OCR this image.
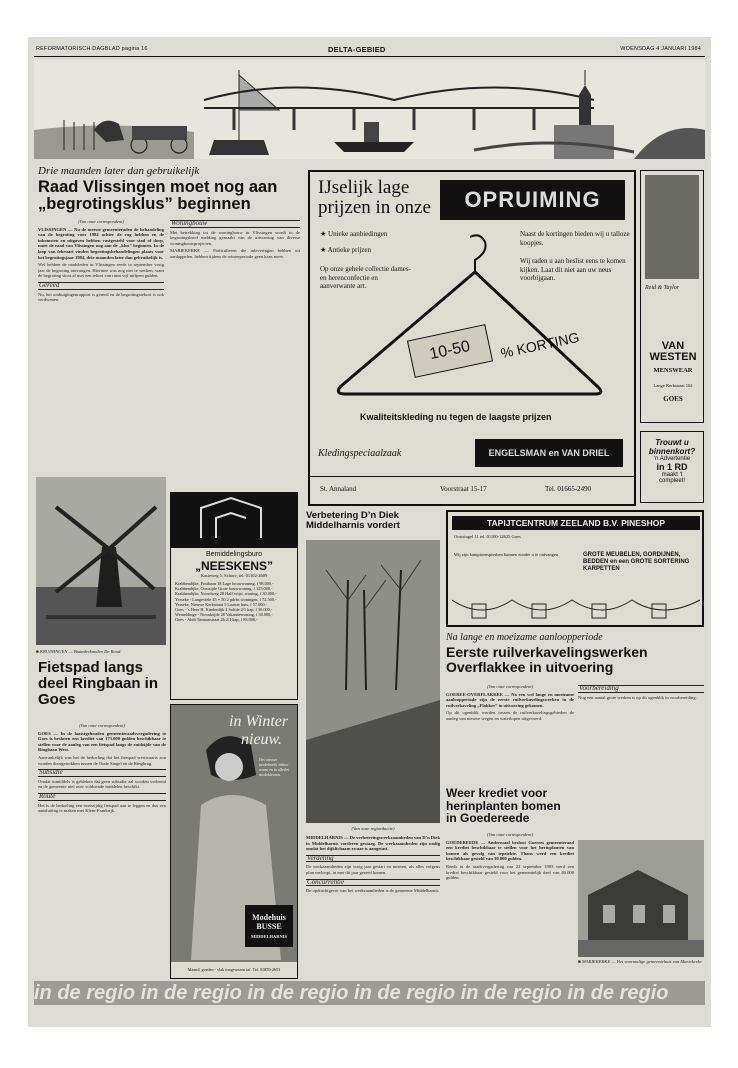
REFORMATORISCH DAGBLAD pagina 16	DELTA-GEBIED	WOENSDAG 4 JANUARI 1984
Drie maanden later dan gebruikelijk
Raad Vlissingen moet nog aan „begrotingsklus” beginnen
(Van onze correspondent)

VLISSINGEN — Nu de meeste gemeenteraden de behandeling van de begroting voor 1984 achter de rug hebben en de inkomsten en uitgaven hebben vastgesteld voor stad of dorp, moet de raad van Vlissingen nog aan de „klus” beginnen. In de loop van februari vinden begrotingsbehandelingen plaats voor het begrotingsjaar 1984, drie maanden later dan gebruikelijk is.

Wel hebben de raadsleden in Vlissingen reeds in september vorig jaar de begroting ontvangen. Hiermee was nog niet te werken, want de begroting sloot af met een tekort van ruim vijf miljoen gulden.

Gereed

Nu, het ombuigingenrapport is gereed en de begrotingstekort is ook verdwenen.

Woningbouw

Met betrekking tot de woningbouw in Vlissingen wordt in de begrotingsbrief melding gemaakt van de uitvoering van diverse woningbouwprojecten.

MARIEKERKE — Particulieren die inleveringen hebben uit aardappelen, hebben tijdens de winterperiode geen kans meer.

■ KRUININGEN — Baanderkmolen De Rood.
Fietspad langs deel Ringbaan in Goes
(Van onze correspondent)

GOES — In de laatstgehouden gemeenteraadsvergadering te Goes is besloten een krediet van 173.000 gulden beschikbaar te stellen voor de aanleg van een fietspad langs de zuidzijde van de Ringbaan West.

Aanvankelijk was het de bedoeling dat het fietspad westwaarts zou worden doorgetrokken tussen de Oude Singel en de Ringbrug.

Subsidie

Omdat inmiddels is gebleken dat geen subsidie zal worden verleend en de gemeente niet over voldoende middelen beschikt.

Route

Het is de bedoeling een tweezijdig fietspad aan te leggen en dus een aansluiting te maken met Klein-Frankrijk.

IJselijk lage
prijzen in onze	OPRUIMING
★ Unieke aanbiedingen
★ Antieke prijzen
Op onze gehele collectie dames- en herenconfectie en aanverwante art.
Naast de kortingen bieden wij u talloze koopjes.
Wij raden u aan beslist eens te komen kijken. Laat dit niet aan uw neus voorbijgaan.
10-50	% KORTING
Kwaliteitskleding nu tegen de laagste prijzen
Kledingspeciaalzaak	ENGELSMAN en VAN DRIEL
St. Annaland	Voorstraat 15-17	Tel. 01665-2490
Reid & Taylor
VAN
WESTEN
MENSWEAR
Lange Kerkstraat 102
GOES
Trouwt u
binnenkort?
'n Advertentie
in 1 RD
maakt 't
compleet!
Bemiddelingsburo
„NEESKENS”
Kasteweg 5, Schore, tel. 01102-2609
Krabbendijke, Postbaan 18 Lage bouwwoning, f 98.000,-
Krabbendijke, Oostzijde Grote bouwwoning, f 125.000,-
Krabbendijke, Noordweg 28 Half vrijst. woning, f 30.000,-
Yerseke - Langeviele 45 = 50 2 pdrbs woningen, f 72.500,-
Yerseke, Nieuwe Kerkstraat 5 Laatste huis, f 57.000,-
Goes - 's Heer H. Kinderdijk 4 Solide 2/1 kap, f 30.000,-
Wemeldinge - Noordzijde 28 Vakantiewoning, f 30.000,-
Goes - Abdi Tasmanstraat 2b 2/1 kap, f 83.000,-
in Winter
nieuw.
Het nieuwe modebeeld, lekker warm en in allerlei modekleuren.
Modehuis BUSSE
MIDDELHARNIS
Maand, goeden - vlak toegewezen taf. Tel. 01870-2653
Verbetering D’n Diek Middelharnis vordert
(Van onze regiordactie)

MIDDELHARNIS — De verbeteringswerkzaamheden van D’n Diek in Middelharnis vorderen gestaag. De werkzaamheden zijn nodig omdat het dijklichaam zwaar is aangetast.

Verdeling

De werkzaamheden zijn vorig jaar gestart en moeten, als alles volgens plan verloopt, in mei dit jaar gereed komen.

Concurrentie

De opdrachtgever van het werkzaamheden is de gemeente Middelharnis.

TAPIJTCENTRUM ZEELAND B.V. PINESHOP
Oostsingel 11 tel. 01100-12625 Goes
Wij zijn kampioenspieshen kunnen zonder u te ontvangen.	GROTE MEUBELEN, GORDIJNEN, BEDDEN en een GROTE SORTERING KARPETTEN
Na lange en moeizame aanloopperiode
Eerste ruilverkavelingswerken Overflakkee in uitvoering
(Van onze correspondent)

GOEREE-OVERFLAKKEE — Na een wel lange en moeizame aanloopperiode zijn de eerste ruilverkavelingswerken in de ruilverkaveling „Flakkee” in uitvoering gekomen.

Op dit ogenblik worden tussen de ruilverkavelingsgebieden de aanleg van nieuwe wegen en waterlopen uitgevoerd.

Voorbereiding

Nog een aantal grote werken is op dit ogenblik in voorbereiding.

Weer krediet voor herinplanten bomen in Goedereede
(Van onze correspondent)

GOEDEREEDE — Andermaal besloot Goerees gemeenteraad een krediet beschikbaar te stellen voor het herinplanten van bomen als gevolg van iepziekte. Thans werd een krediet beschikbaar gesteld van 30.000 gulden.

Reeds in de raadsvergadering van 22 september 1983 werd een krediet beschikbaar gesteld voor het gemeentelijk deel van 40.000 gulden.

■ MARIEKERKE — Het voormalige gemeentehuis van Mariekerke.
in de regio in de regio in de regio in de regio in de regio in de regio
